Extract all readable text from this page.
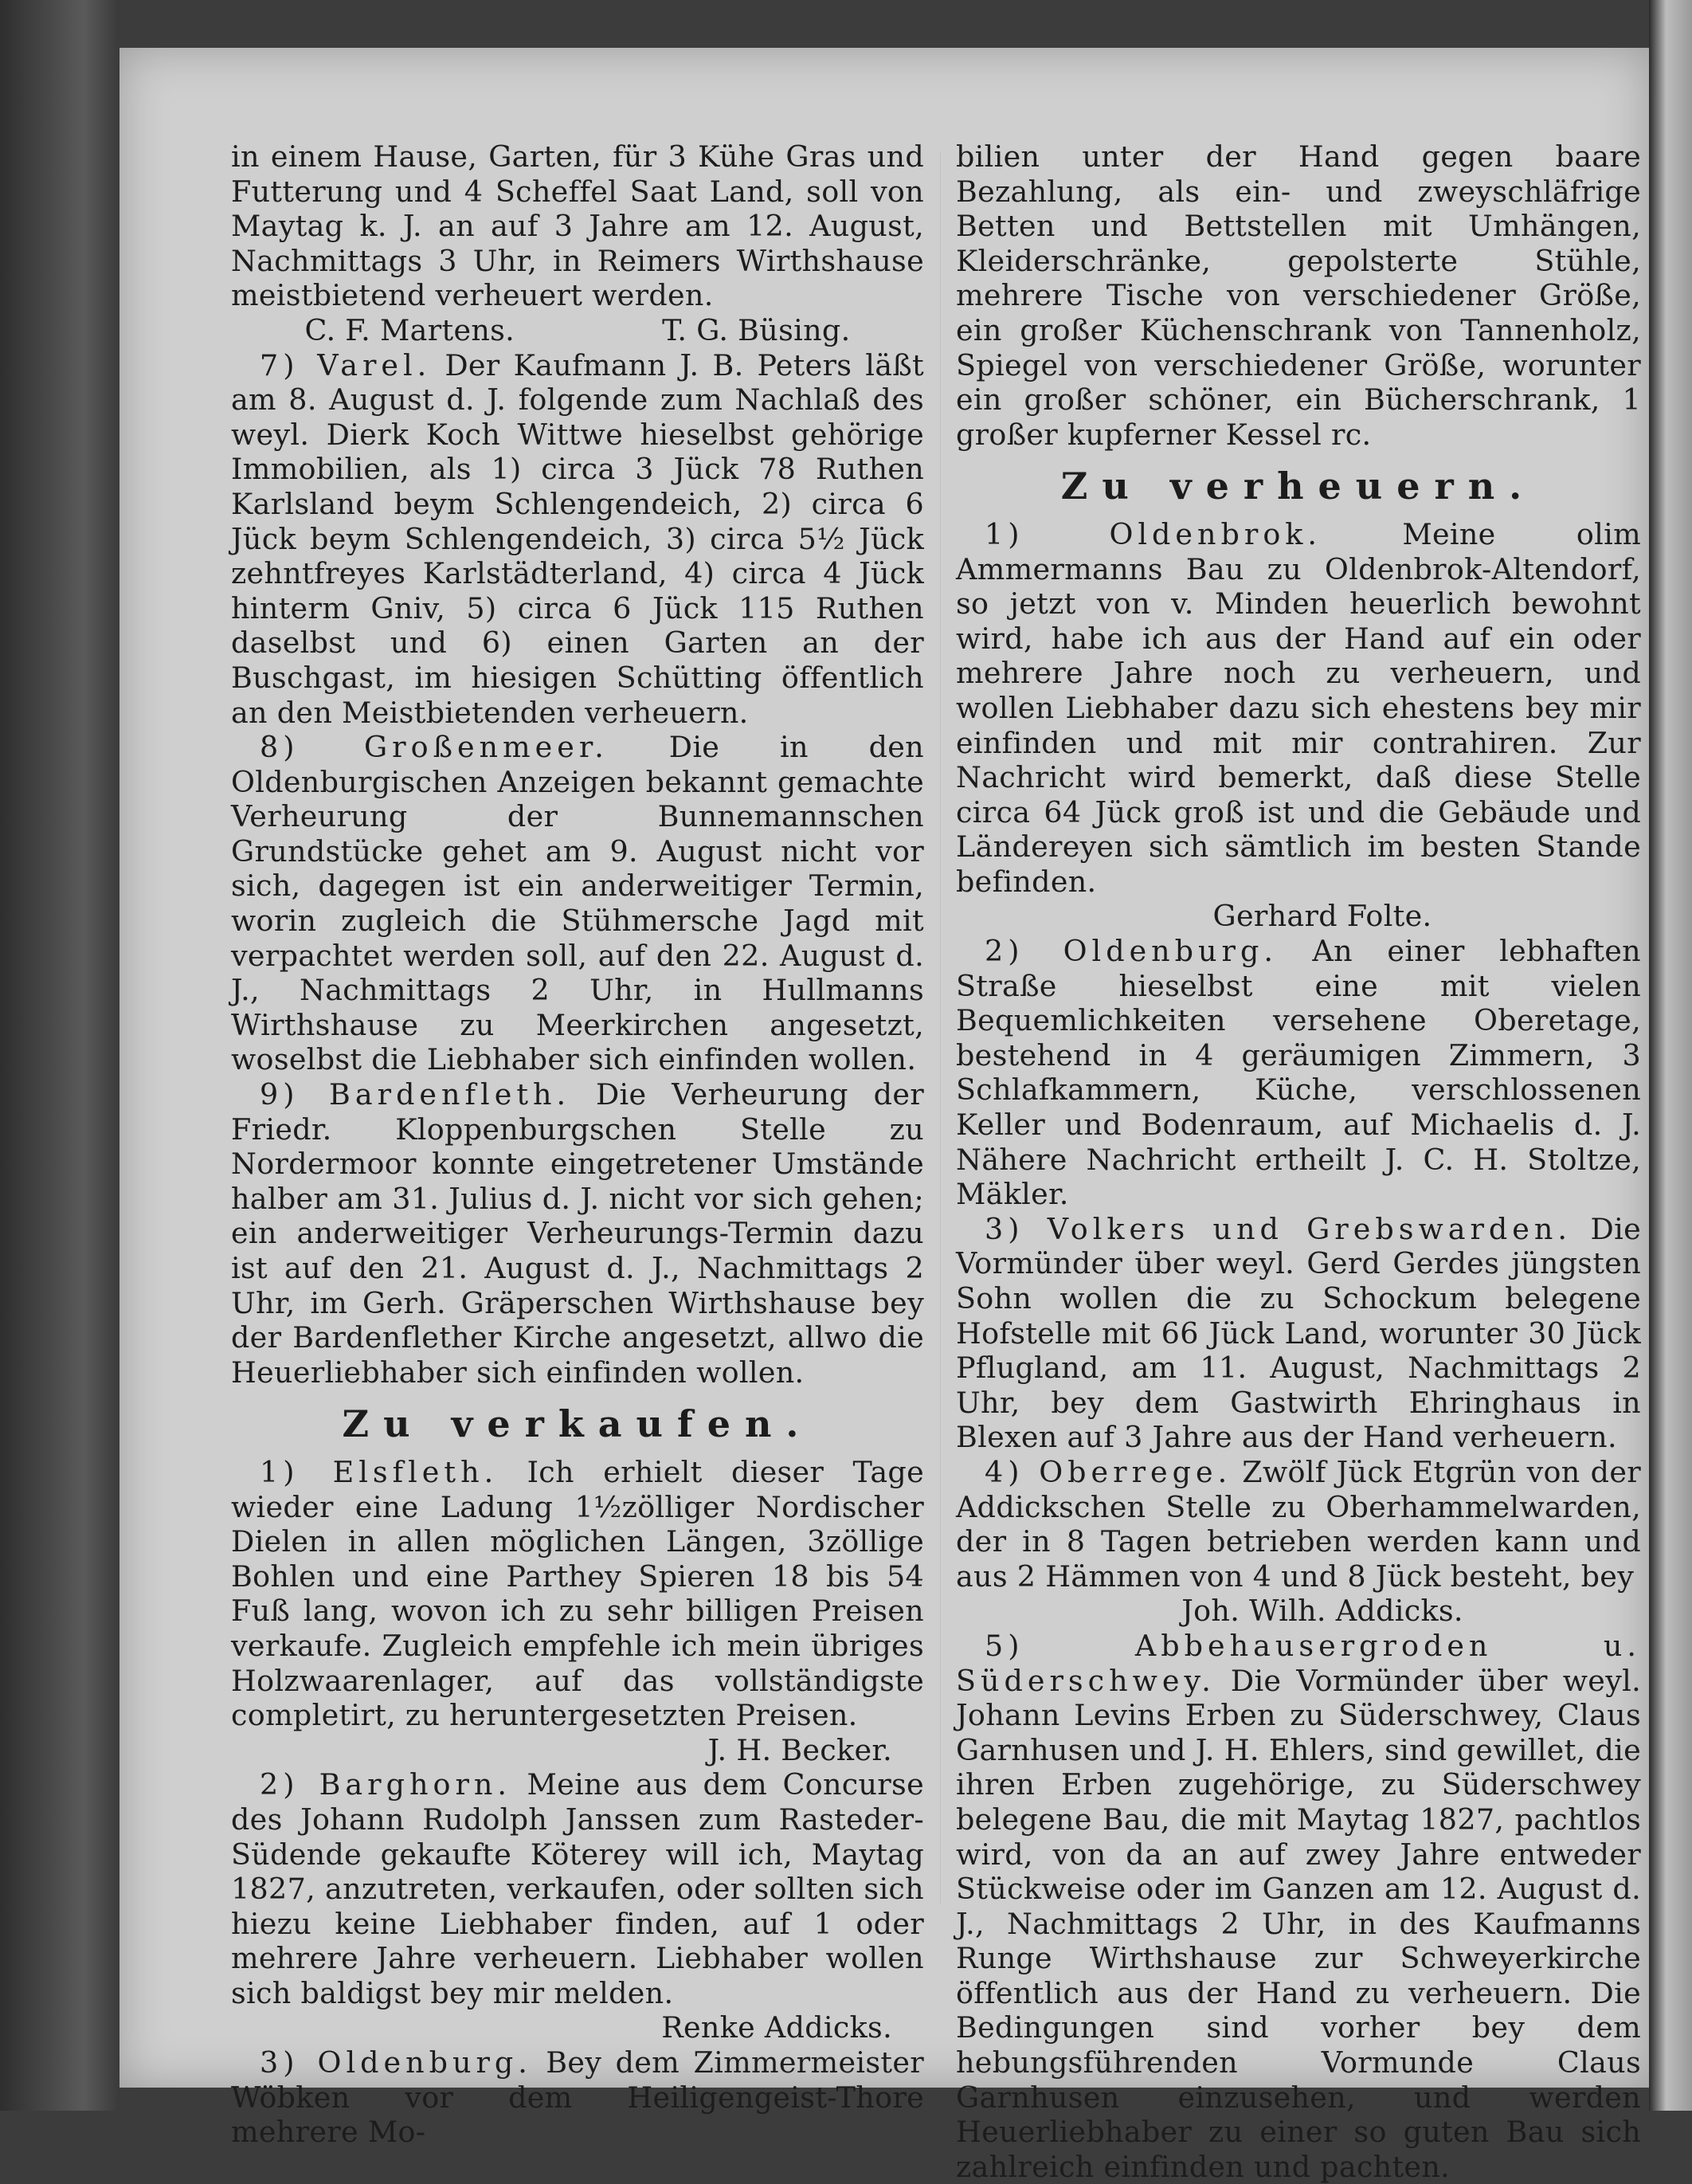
in einem Hause, Garten, für 3 Kühe Gras und Futterung und 4 Scheffel Saat Land, soll von Maytag k. J. an auf 3 Jahre am 12. August, Nachmittags 3 Uhr, in Reimers Wirthshause meistbietend verheuert werden.

C. F. Martens.	T. G. Büsing.

7) Varel. Der Kaufmann J. B. Peters läßt am 8. August d. J. folgende zum Nachlaß des weyl. Dierk Koch Wittwe hieselbst gehörige Immobilien, als 1) circa 3 Jück 78 Ruthen Karlsland beym Schlengendeich, 2) circa 6 Jück beym Schlengendeich, 3) circa 5½ Jück zehntfreyes Karlstädterland, 4) circa 4 Jück hinterm Gniv, 5) circa 6 Jück 115 Ruthen daselbst und 6) einen Garten an der Buschgast, im hiesigen Schütting öffentlich an den Meistbietenden verheuern.

8) Großenmeer. Die in den Oldenburgischen Anzeigen bekannt gemachte Verheurung der Bunnemannschen Grundstücke gehet am 9. August nicht vor sich, dagegen ist ein anderweitiger Termin, worin zugleich die Stühmersche Jagd mit verpachtet werden soll, auf den 22. August d. J., Nachmittags 2 Uhr, in Hullmanns Wirthshause zu Meerkirchen angesetzt, woselbst die Liebhaber sich einfinden wollen.

9) Bardenfleth. Die Verheurung der Friedr. Kloppenburgschen Stelle zu Nordermoor konnte eingetretener Umstände halber am 31. Julius d. J. nicht vor sich gehen; ein anderweitiger Verheurungs-Termin dazu ist auf den 21. August d. J., Nachmittags 2 Uhr, im Gerh. Gräperschen Wirthshause bey der Bardenflether Kirche angesetzt, allwo die Heuerliebhaber sich einfinden wollen.

Zu verkaufen.

1) Elsfleth. Ich erhielt dieser Tage wieder eine Ladung 1½zölliger Nordischer Dielen in allen möglichen Längen, 3zöllige Bohlen und eine Parthey Spieren 18 bis 54 Fuß lang, wovon ich zu sehr billigen Preisen verkaufe. Zugleich empfehle ich mein übriges Holzwaarenlager, auf das vollständigste completirt, zu heruntergesetzten Preisen.

J. H. Becker.

2) Barghorn. Meine aus dem Concurse des Johann Rudolph Janssen zum Rasteder-Südende gekaufte Köterey will ich, Maytag 1827, anzutreten, verkaufen, oder sollten sich hiezu keine Liebhaber finden, auf 1 oder mehrere Jahre verheuern. Liebhaber wollen sich baldigst bey mir melden.

Renke Addicks.

3) Oldenburg. Bey dem Zimmermeister Wöbken vor dem Heiligengeist-Thore mehrere Mo-

bilien unter der Hand gegen baare Bezahlung, als ein- und zweyschläfrige Betten und Bettstellen mit Umhängen, Kleiderschränke, gepolsterte Stühle, mehrere Tische von verschiedener Größe, ein großer Küchenschrank von Tannenholz, Spiegel von verschiedener Größe, worunter ein großer schöner, ein Bücherschrank, 1 großer kupferner Kessel rc.

Zu verheuern.

1) Oldenbrok.	Meine olim Ammermanns Bau zu Oldenbrok-Altendorf, so jetzt von v. Minden heuerlich bewohnt wird, habe ich aus der Hand auf ein oder mehrere Jahre noch zu verheuern, und wollen Liebhaber dazu sich ehestens bey mir einfinden und mit mir contrahiren. Zur Nachricht wird bemerkt, daß diese Stelle circa 64 Jück groß ist und die Gebäude und Ländereyen sich sämtlich im besten Stande befinden.

Gerhard Folte.

2) Oldenburg. An einer lebhaften Straße hieselbst eine mit vielen Bequemlichkeiten versehene Oberetage, bestehend in 4 geräumigen Zimmern, 3 Schlafkammern, Küche, verschlossenen Keller und Bodenraum, auf Michaelis d. J. Nähere Nachricht ertheilt J. C. H. Stoltze, Mäkler.

3) Volkers und Grebswarden. Die Vormünder über weyl. Gerd Gerdes jüngsten Sohn wollen die zu Schockum belegene Hofstelle mit 66 Jück Land, worunter 30 Jück Pflugland, am 11. August, Nachmittags 2 Uhr, bey dem Gastwirth Ehringhaus in Blexen auf 3 Jahre aus der Hand verheuern.

4) Oberrege. Zwölf Jück Etgrün von der Addickschen Stelle zu Oberhammelwarden, der in 8 Tagen betrieben werden kann und aus 2 Hämmen von 4 und 8 Jück besteht, bey

Joh. Wilh. Addicks.

5) Abbehausergroden u. Süderschwey. Die Vormünder über weyl. Johann Levins Erben zu Süderschwey, Claus Garnhusen und J. H. Ehlers, sind gewillet, die ihren Erben zugehörige, zu Süderschwey belegene Bau, die mit Maytag 1827, pachtlos wird, von da an auf zwey Jahre entweder Stückweise oder im Ganzen am 12. August d. J., Nachmittags 2 Uhr, in des Kaufmanns Runge Wirthshause zur Schweyerkirche öffentlich aus der Hand zu verheuern. Die Bedingungen sind vorher bey dem hebungsführenden Vormunde Claus Garnhusen einzusehen, und werden Heuerliebhaber zu einer so guten Bau sich zahlreich einfinden und pachten.
